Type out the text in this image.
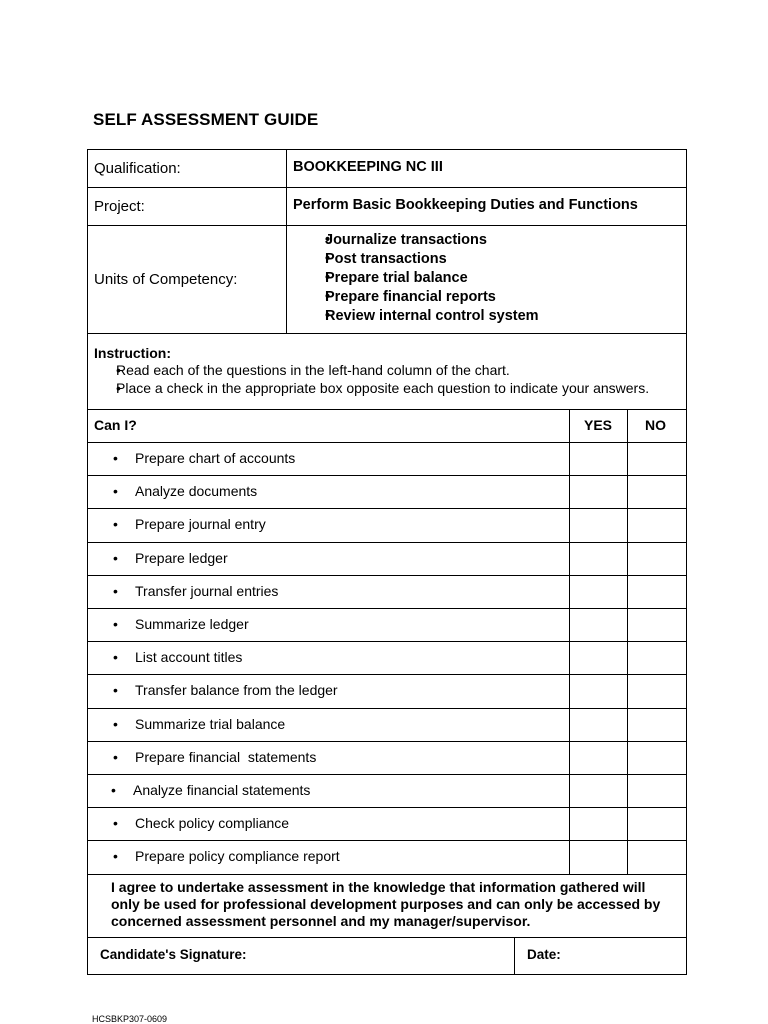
SELF ASSESSMENT GUIDE
Qualification:	BOOKKEEPING NC III
Project:	Perform Basic Bookkeeping Duties and Functions
Units of Competency:
• Journalize transactions
• Post transactions
• Prepare trial balance
• Prepare financial reports
• Review internal control system
Instruction:
• Read each of the questions in the left-hand column of the chart.
• Place a check in the appropriate box opposite each question to indicate your answers.
Can I?	YES NO
• Prepare chart of accounts
• Analyze documents
• Prepare journal entry
• Prepare ledger
• Transfer journal entries
• Summarize ledger
• List account titles
• Transfer balance from the ledger
• Summarize trial balance
• Prepare financial  statements
• Analyze financial statements
• Check policy compliance
• Prepare policy compliance report
I agree to undertake assessment in the knowledge that information gathered will only be used for professional development purposes and can only be accessed by concerned assessment personnel and my manager/supervisor.
Candidate's Signature:	Date:
HCSBKP307-0609
